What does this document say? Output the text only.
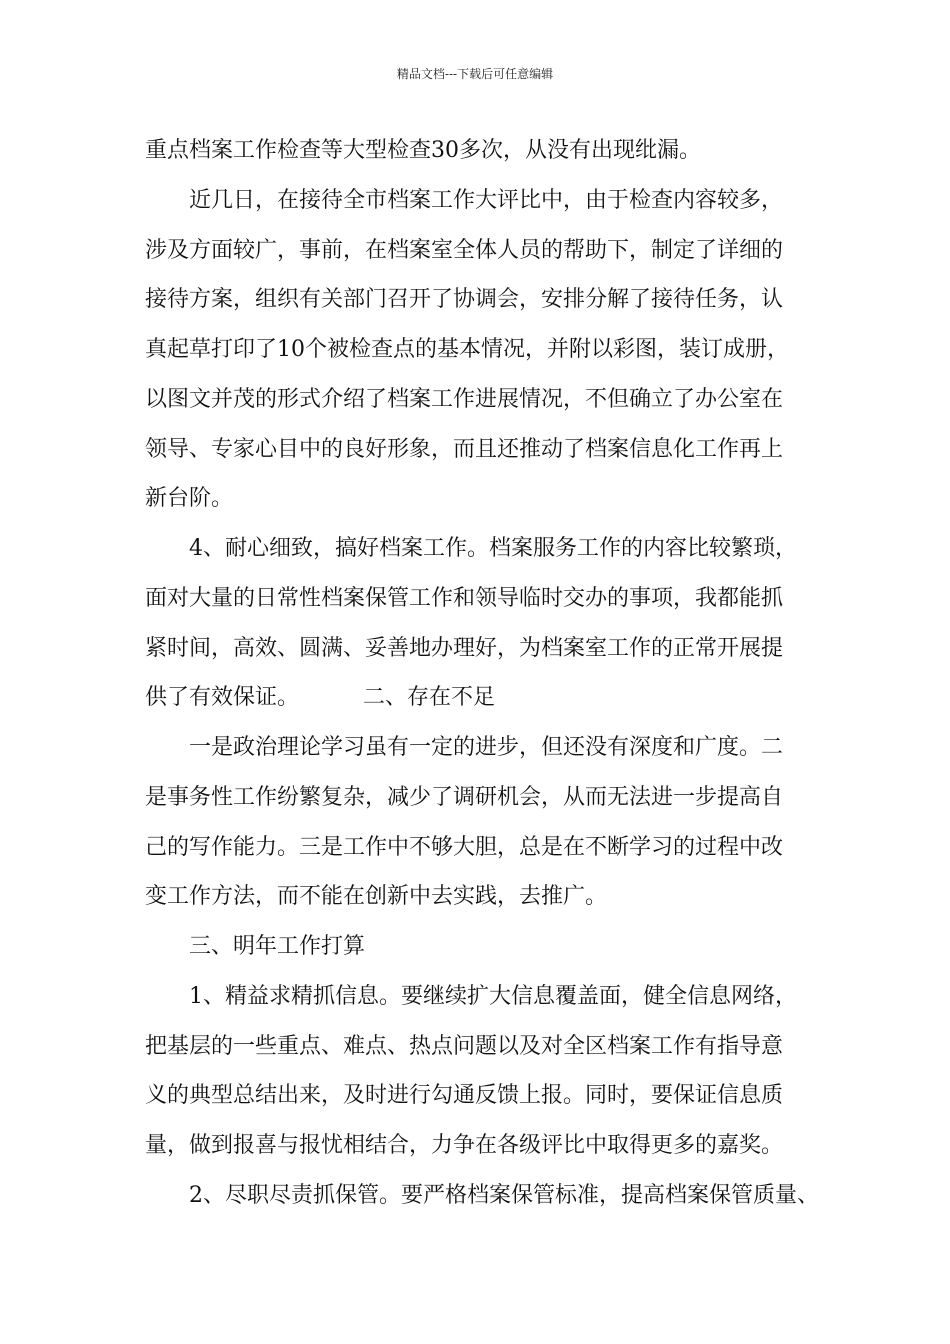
精品文档---下载后可任意编辑
重点档案工作检查等大型检查30多次，从没有出现纰漏。
近几日，在接待全市档案工作大评比中，由于检查内容较多，
涉及方面较广，事前，在档案室全体人员的帮助下，制定了详细的
接待方案，组织有关部门召开了协调会，安排分解了接待任务，认
真起草打印了10个被检查点的基本情况，并附以彩图，装订成册，
以图文并茂的形式介绍了档案工作进展情况，不但确立了办公室在
领导、专家心目中的良好形象，而且还推动了档案信息化工作再上
新台阶。
4、耐心细致，搞好档案工作。档案服务工作的内容比较繁琐，
面对大量的日常性档案保管工作和领导临时交办的事项，我都能抓
紧时间，高效、圆满、妥善地办理好，为档案室工作的正常开展提
供了有效保证。	二、存在不足
一是政治理论学习虽有一定的进步，但还没有深度和广度。二
是事务性工作纷繁复杂，减少了调研机会，从而无法进一步提高自
己的写作能力。三是工作中不够大胆，总是在不断学习的过程中改
变工作方法，而不能在创新中去实践，去推广。
三、明年工作打算
1、精益求精抓信息。要继续扩大信息覆盖面，健全信息网络，
把基层的一些重点、难点、热点问题以及对全区档案工作有指导意
义的典型总结出来，及时进行勾通反馈上报。同时，要保证信息质
量，做到报喜与报忧相结合，力争在各级评比中取得更多的嘉奖。
2、尽职尽责抓保管。要严格档案保管标准，提高档案保管质量、
